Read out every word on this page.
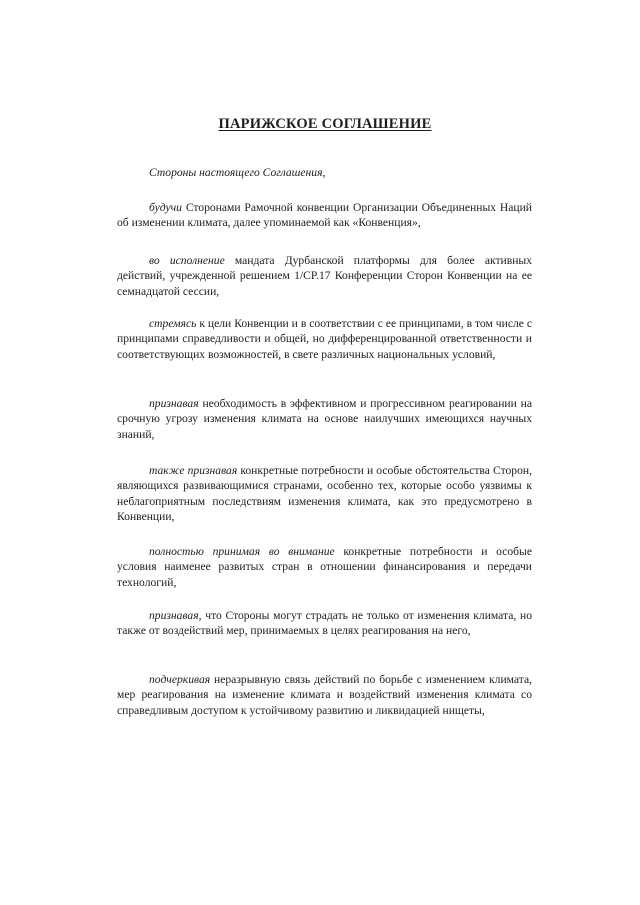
ПАРИЖСКОЕ СОГЛАШЕНИЕ
Стороны настоящего Соглашения,
будучи Сторонами Рамочной конвенции Организации Объединенных Наций об изменении климата, далее упоминаемой как «Конвенция»,
во исполнение мандата Дурбанской платформы для более активных действий, учрежденной решением 1/CP.17 Конференции Сторон Конвенции на ее семнадцатой сессии,
стремясь к цели Конвенции и в соответствии с ее принципами, в том числе с принципами справедливости и общей, но дифференцированной ответственности и соответствующих возможностей, в свете различных национальных условий,
признавая необходимость в эффективном и прогрессивном реагировании на срочную угрозу изменения климата на основе наилучших имеющихся научных знаний,
также признавая конкретные потребности и особые обстоятельства Сторон, являющихся развивающимися странами, особенно тех, которые особо уязвимы к неблагоприятным последствиям изменения климата, как это предусмотрено в Конвенции,
полностью принимая во внимание конкретные потребности и особые условия наименее развитых стран в отношении финансирования и передачи технологий,
признавая, что Стороны могут страдать не только от изменения климата, но также от воздействий мер, принимаемых в целях реагирования на него,
подчеркивая неразрывную связь действий по борьбе с изменением климата, мер реагирования на изменение климата и воздействий изменения климата со справедливым доступом к устойчивому развитию и ликвидацией нищеты,
